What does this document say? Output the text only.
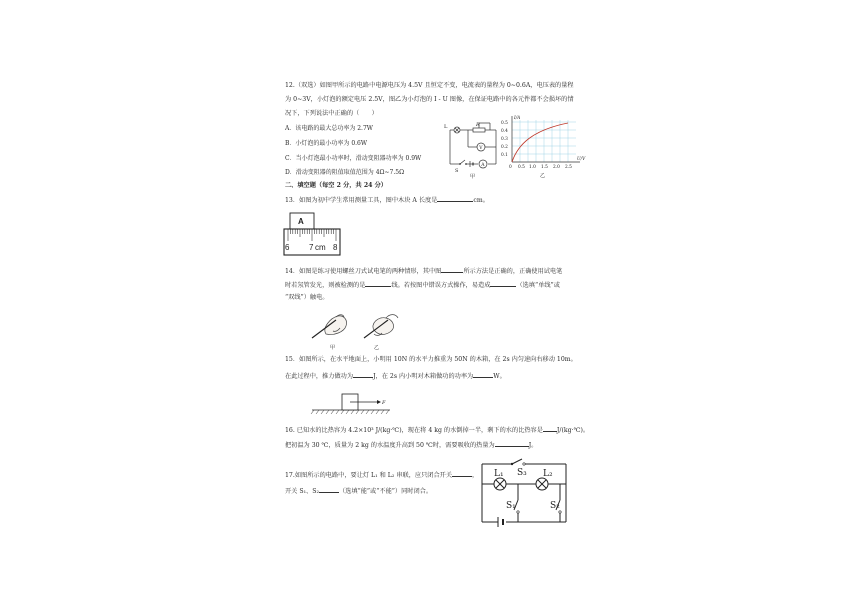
12.（双选）如图甲所示的电路中电源电压为 4.5V 且恒定不变，电流表的量程为 0~0.6A，电压表的量程
为 0~3V，小灯泡的额定电压 2.5V，图乙为小灯泡的 I - U 图像，在保证电路中的各元件都不会损坏的情
况下，下列说法中正确的（　　）
A．该电路的最大总功率为 2.7W
B．小灯泡的最小功率为 0.6W
C．当小灯泡最小功率时，滑动变阻器功率为 0.9W
D．滑动变阻器的阻值取值范围为 4Ω~7.5Ω
L	R
V
A
S
甲
I/A
U/V
0.5
0.4
0.3
0.2
0.1
0 0.5 1.0 1.5 2.0 2.5
乙
二、填空题（每空 2 分，共 24 分）
13．如图为初中学生常用测量工具，图中木块 A 长度是	cm。
A
6 7 cm 8
14．如图是练习使用螺丝刀式试电笔的两种情形，其中图	所示方法是正确的，正确使用试电笔
时若氖管发光，则被检测的是	线。若按图中错误方式操作，易造成	（选填“单线”或
“双线”）触电。
甲	乙
15．如图所示，在水平地面上，小明用 10N 的水平力推重为 50N 的木箱，在 2s 内匀速向右移动 10m。
在此过程中，推力做功为	J，在 2s 内小明对木箱做功的功率为	W。
F
16. 已知水的比热容为 4.2×10³ J/(kg·℃)，现在将 4 kg 的水倒掉一半，剩下的水的比热容是 J/(kg·℃)。
把初温为 30 ℃，质量为 2 kg 的水温度升高到 50 ℃时，需要吸收的热量为	J。
17.如图所示的电路中，要让灯 L₁ 和 L₂ 串联，应只闭合开关	，
开关 S₁、S₂	（选填“能”或“不能”）同时闭合。
L₁	L₂
S₃
S₁	S₂
